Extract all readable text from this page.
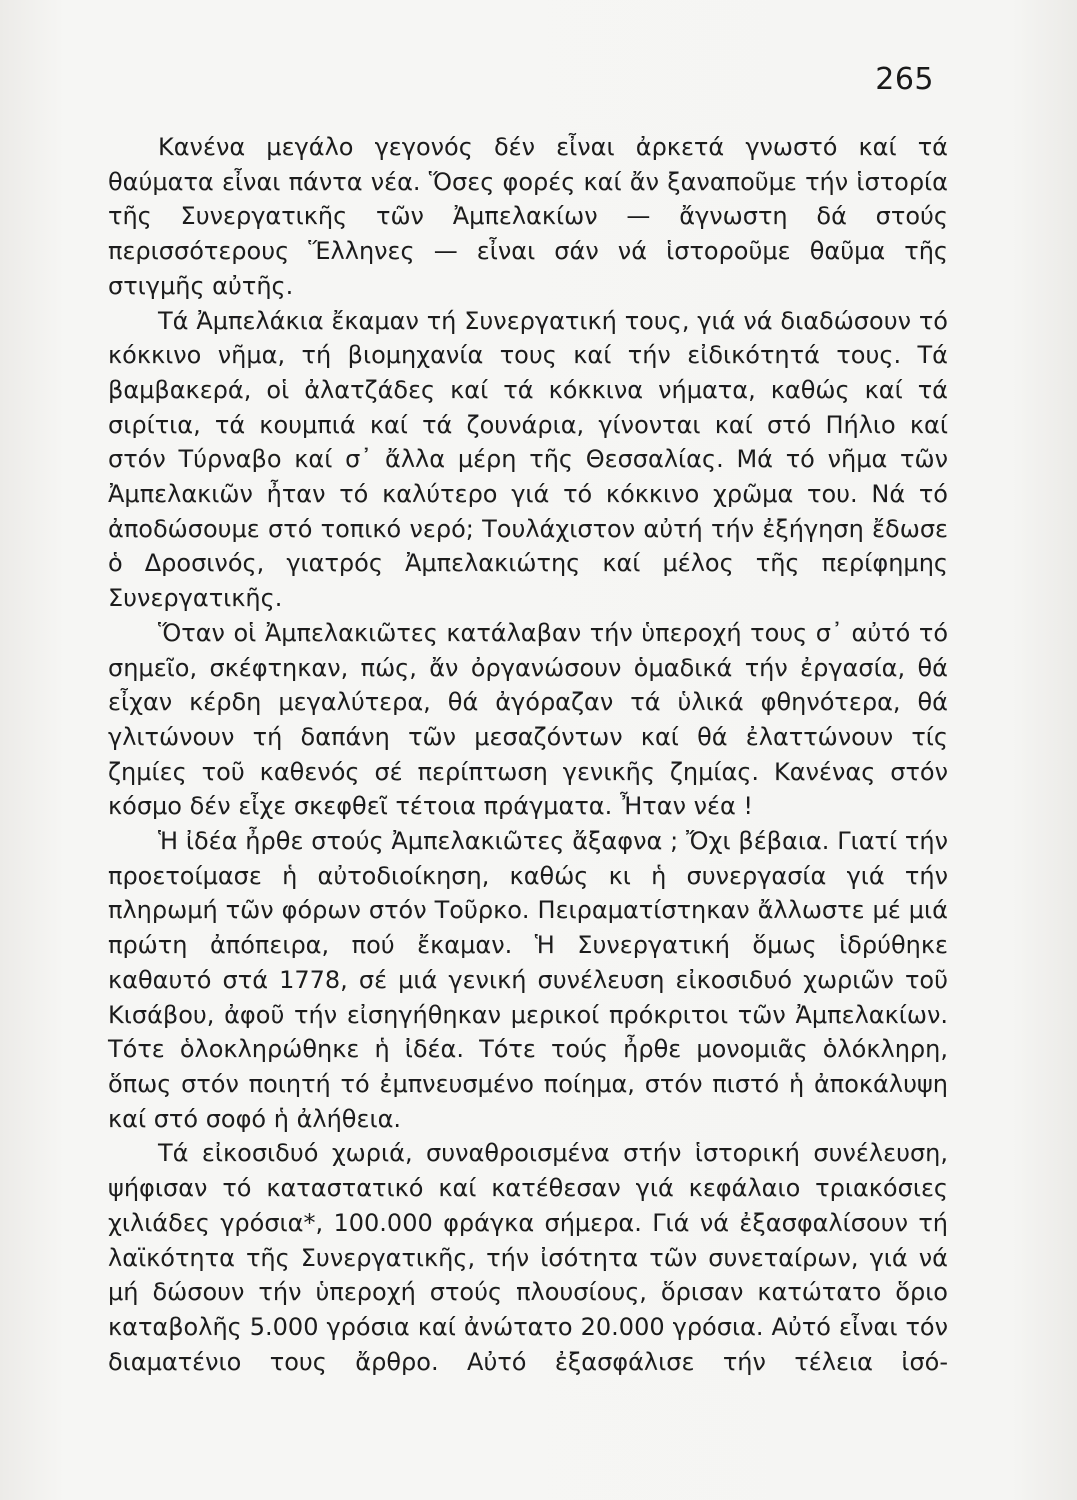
265

Κανένα μεγάλο γεγονός δέν εἶναι ἀρκετά γνωστό καί τά θαύματα εἶναι πάντα νέα. Ὅσες φορές καί ἄν ξαναποῦμε τήν ἱστορία τῆς Συνεργατικῆς τῶν Ἀμπελακίων — ἄγνωστη δά στούς περισσότερους Ἕλληνες — εἶναι σάν νά ἱστοροῦμε θαῦμα τῆς στιγμῆς αὐτῆς.

Τά Ἀμπελάκια ἔκαμαν τή Συνεργατική τους, γιά νά διαδώσουν τό κόκκινο νῆμα, τή βιομηχανία τους καί τήν εἰδικότητά τους. Τά βαμβακερά, οἱ ἀλατζάδες καί τά κόκκινα νήματα, καθώς καί τά σιρίτια, τά κουμπιά καί τά ζουνάρια, γίνονται καί στό Πήλιο καί στόν Τύρναβο καί σ᾿ ἄλλα μέρη τῆς Θεσσαλίας. Μά τό νῆμα τῶν Ἀμπελακιῶν ἦταν τό καλύτερο γιά τό κόκκινο χρῶμα του. Νά τό ἀποδώσουμε στό τοπικό νερό; Τουλάχιστον αὐτή τήν ἐξήγηση ἔδωσε ὁ Δροσινός, γιατρός Ἀμπελακιώτης καί μέλος τῆς περίφημης Συνεργατικῆς.

Ὅταν οἱ Ἀμπελακιῶτες κατάλαβαν τήν ὑπεροχή τους σ᾿ αὐτό τό σημεῖο, σκέφτηκαν, πώς, ἄν ὀργανώσουν ὁμαδικά τήν ἐργασία, θά εἶχαν κέρδη μεγαλύτερα, θά ἀγόραζαν τά ὑλικά φθηνότερα, θά γλιτώνουν τή δαπάνη τῶν μεσαζόντων καί θά ἐλαττώνουν τίς ζημίες τοῦ καθενός σέ περίπτωση γενικῆς ζημίας. Κανένας στόν κόσμο δέν εἶχε σκεφθεῖ τέτοια πράγματα. Ἦταν νέα !

Ἡ ἰδέα ἦρθε στούς Ἀμπελακιῶτες ἄξαφνα ; Ὄχι βέβαια. Γιατί τήν προετοίμασε ἡ αὐτοδιοίκηση, καθώς κι ἡ συνεργασία γιά τήν πληρωμή τῶν φόρων στόν Τοῦρκο. Πειραματίστηκαν ἄλλωστε μέ μιά πρώτη ἀπόπειρα, πού ἔκαμαν. Ἡ Συνεργατική ὅμως ἱδρύθηκε καθαυτό στά 1778, σέ μιά γενική συνέλευση εἰκοσιδυό χωριῶν τοῦ Κισάβου, ἀφοῦ τήν εἰσηγήθηκαν μερικοί πρόκριτοι τῶν Ἀμπελακίων. Τότε ὁλοκληρώθηκε ἡ ἰδέα. Τότε τούς ἦρθε μονομιᾶς ὁλόκληρη, ὅπως στόν ποιητή τό ἐμπνευσμένο ποίημα, στόν πιστό ἡ ἀποκάλυψη καί στό σοφό ἡ ἀλήθεια.

Τά εἰκοσιδυό χωριά, συναθροισμένα στήν ἱστορική συνέλευση, ψήφισαν τό καταστατικό καί κατέθεσαν γιά κεφάλαιο τριακόσιες χιλιάδες γρόσια*, 100.000 φράγκα σήμερα. Γιά νά ἐξασφαλίσουν τή λαϊκότητα τῆς Συνεργατικῆς, τήν ἰσότητα τῶν συνεταίρων, γιά νά μή δώσουν τήν ὑπεροχή στούς πλουσίους, ὅρισαν κατώτατο ὅριο καταβολῆς 5.000 γρόσια καί ἀνώτατο 20.000 γρόσια. Αὐτό εἶναι τόν διαματένιο τους ἄρθρο. Αὐτό ἐξασφάλισε τήν τέλεια ἰσό-
